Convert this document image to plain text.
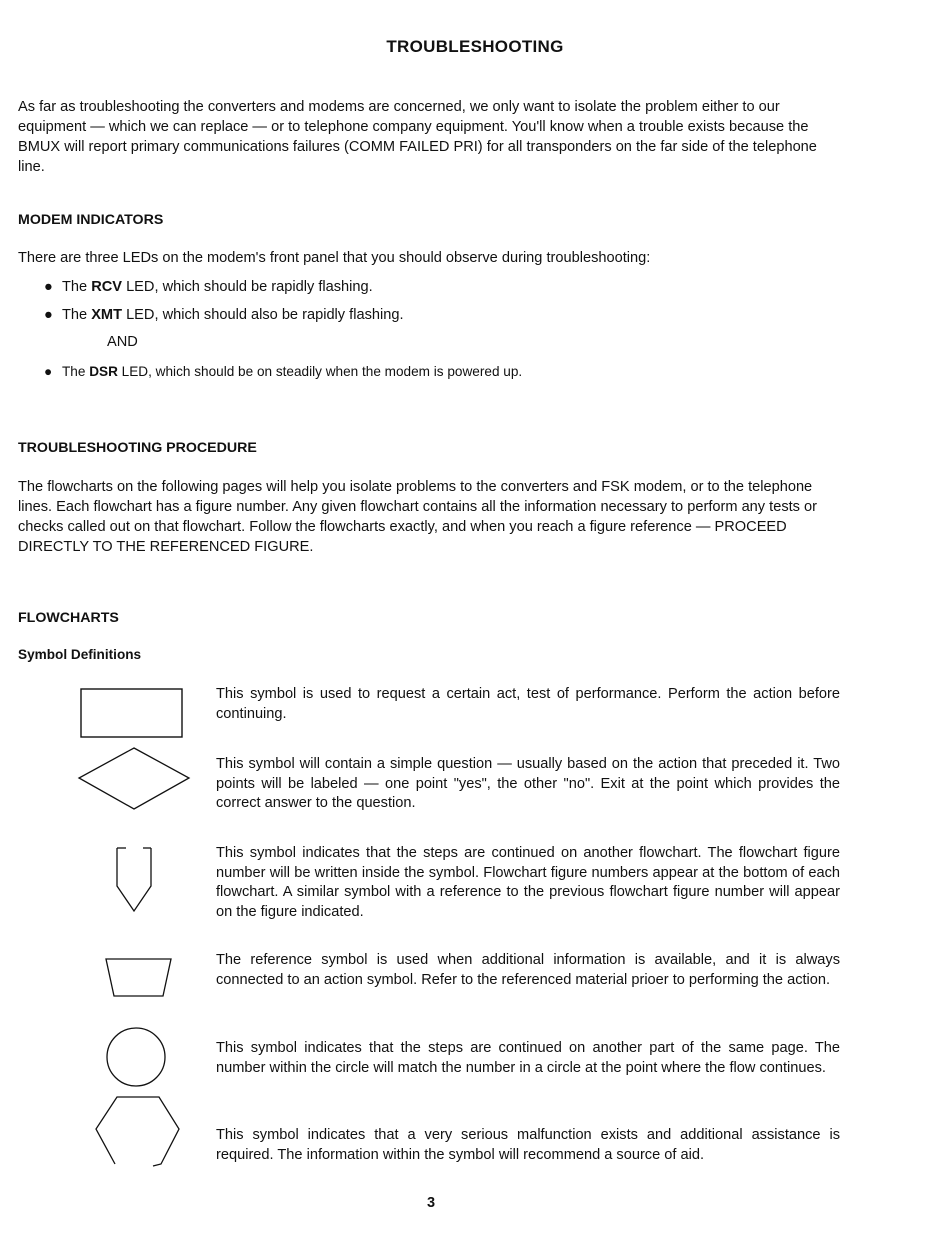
TROUBLESHOOTING
As far as troubleshooting the converters and modems are concerned, we only want to isolate the problem either to our equipment — which we can replace — or to telephone company equipment. You'll know when a trouble exists because the BMUX will report primary communications failures (COMM FAILED PRI) for all transponders on the far side of the telephone line.
MODEM INDICATORS
There are three LEDs on the modem's front panel that you should observe during troubleshooting:
● The RCV LED, which should be rapidly flashing.
● The XMT LED, which should also be rapidly flashing.
AND
● The DSR LED, which should be on steadily when the modem is powered up.
TROUBLESHOOTING PROCEDURE
The flowcharts on the following pages will help you isolate problems to the converters and FSK modem, or to the telephone lines. Each flowchart has a figure number. Any given flowchart contains all the information necessary to perform any tests or checks called out on that flowchart. Follow the flowcharts exactly, and when you reach a figure reference — PROCEED DIRECTLY TO THE REFERENCED FIGURE.
FLOWCHARTS
Symbol Definitions
This symbol is used to request a certain act, test of performance. Perform the action before continuing.
This symbol will contain a simple question — usually based on the action that preceded it. Two points will be labeled — one point "yes", the other "no". Exit at the point which provides the correct answer to the question.
This symbol indicates that the steps are continued on another flowchart. The flowchart figure number will be written inside the symbol. Flowchart figure numbers appear at the bottom of each flowchart. A similar symbol with a reference to the previous flowchart figure number will appear on the figure indicated.
The reference symbol is used when additional information is available, and it is always connected to an action symbol. Refer to the referenced material prioer to performing the action.
This symbol indicates that the steps are continued on another part of the same page. The number within the circle will match the number in a circle at the point where the flow continues.
This symbol indicates that a very serious malfunction exists and additional assistance is required. The information within the symbol will recommend a source of aid.
3
